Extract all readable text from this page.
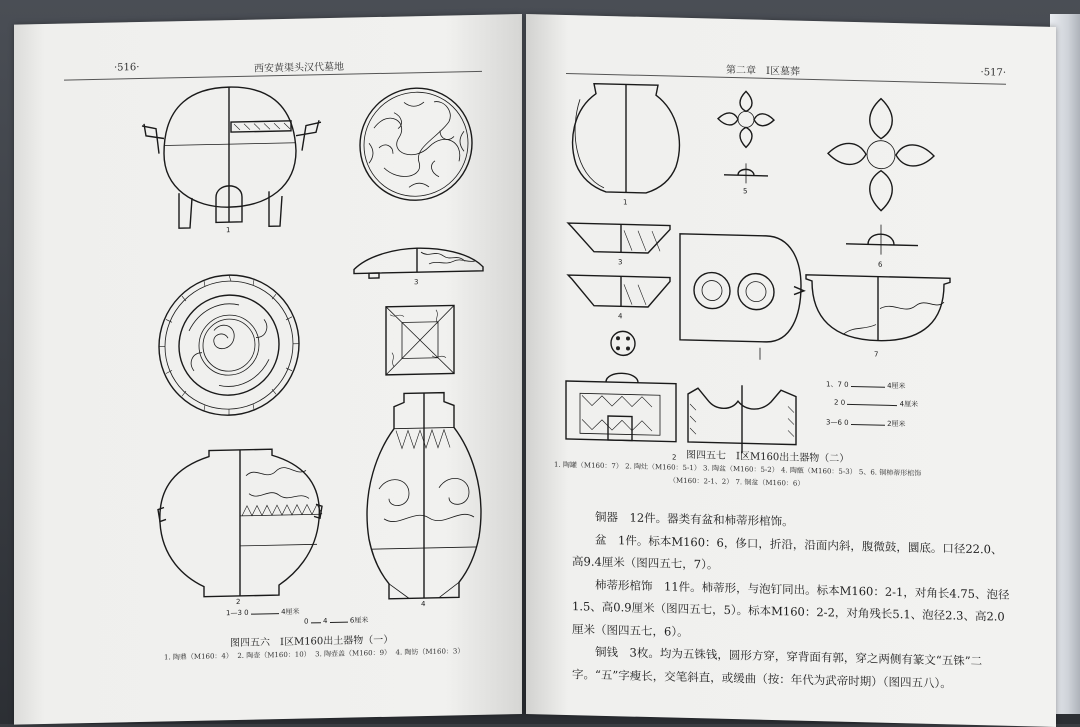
·516·	西安黄渠头汉代墓地
1
3
2	4
1—3 0	4厘米
0 4	6厘米
图四五六　Ⅰ区M160出土器物（一）
1. 陶鼎（M160：4） 2. 陶壶（M160：10） 3. 陶壶盖（M160：9） 4. 陶钫（M160：3）
第二章　Ⅰ区墓葬	·517·
1
3
4
2
5
6
7
1、7 0	4厘米
2 0	4厘米
3—6 0	2厘米
图四五七　Ⅰ区M160出土器物（二）
1. 陶罐（M160：7） 2. 陶灶（M160：5-1） 3. 陶盆（M160：5-2） 4. 陶甑（M160：5-3） 5、6. 铜柿蒂形棺饰
（M160：2-1、2） 7. 铜盆（M160：6）

铜器　12件。器类有盆和柿蒂形棺饰。

盆　1件。标本M160：6，侈口，折沿，沿面内斜，腹微鼓，圜底。口径22.0、高9.4厘米（图四五七，7）。

柿蒂形棺饰　11件。柿蒂形，与泡钉同出。标本M160：2-1，对角长4.75、泡径1.5、高0.9厘米（图四五七，5）。标本M160：2-2，对角残长5.1、泡径2.3、高2.0厘米（图四五七，6）。

铜钱　3枚。均为五铢钱，圆形方穿，穿背面有郭，穿之两侧有篆文“五铢”二字。“五”字瘦长，交笔斜直，或缓曲（按：年代为武帝时期）（图四五八）。
